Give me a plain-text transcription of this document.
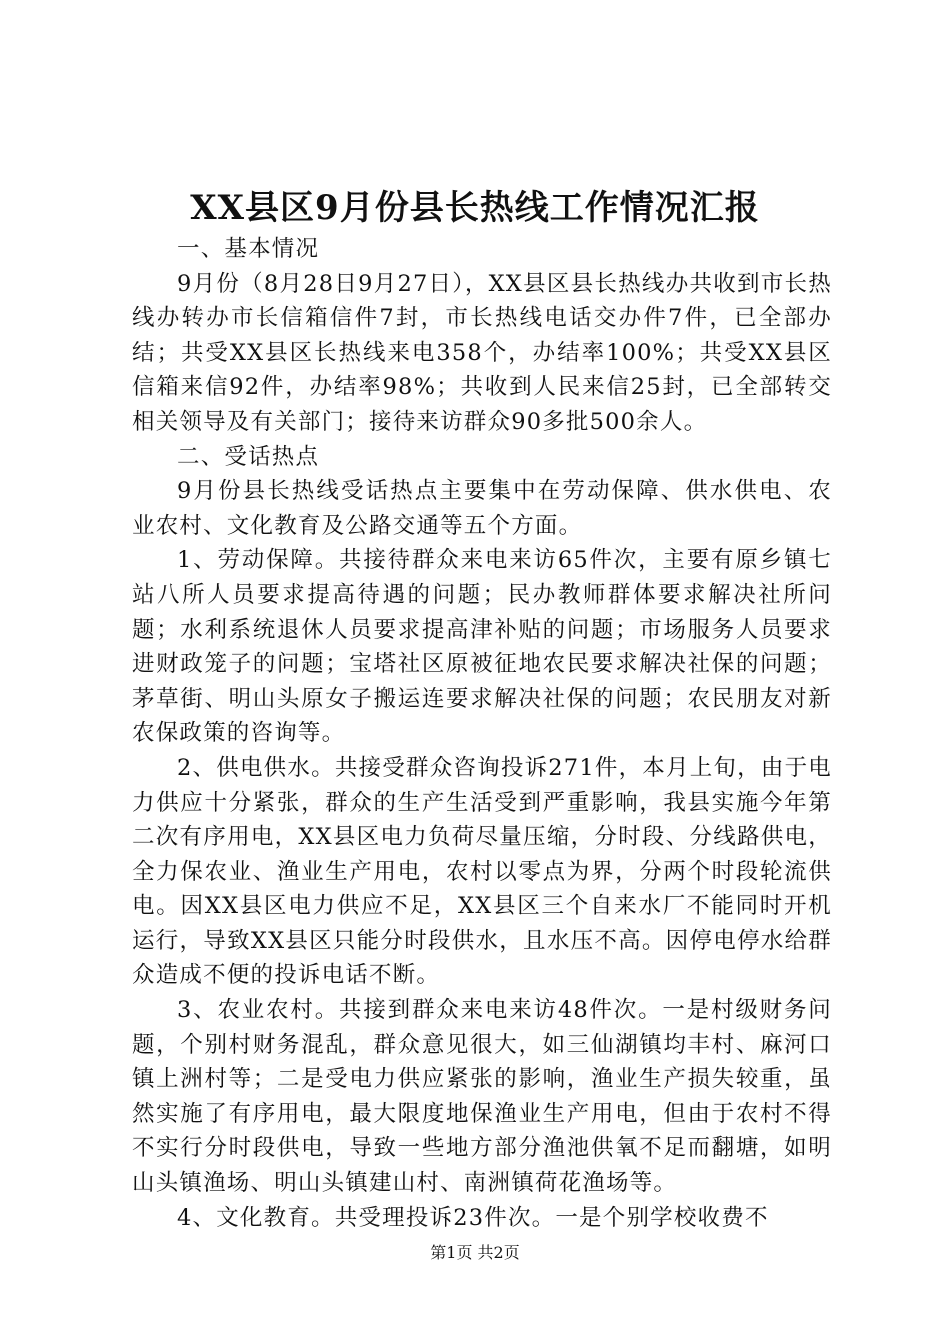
XX县区9月份县长热线工作情况汇报

一、基本情况

9月份（8月28日9月27日），XX县区县长热线办共收到市长热线办转办市长信箱信件7封，市长热线电话交办件7件，已全部办结；共受XX县区长热线来电358个，办结率100%；共受XX县区信箱来信92件，办结率98%；共收到人民来信25封，已全部转交相关领导及有关部门；接待来访群众90多批500余人。

二、受话热点

9月份县长热线受话热点主要集中在劳动保障、供水供电、农业农村、文化教育及公路交通等五个方面。

1、劳动保障。共接待群众来电来访65件次，主要有原乡镇七站八所人员要求提高待遇的问题；民办教师群体要求解决社所问题；水利系统退休人员要求提高津补贴的问题；市场服务人员要求进财政笼子的问题；宝塔社区原被征地农民要求解决社保的问题；茅草街、明山头原女子搬运连要求解决社保的问题；农民朋友对新农保政策的咨询等。

2、供电供水。共接受群众咨询投诉271件，本月上旬，由于电力供应十分紧张，群众的生产生活受到严重影响，我县实施今年第二次有序用电，XX县区电力负荷尽量压缩，分时段、分线路供电，全力保农业、渔业生产用电，农村以零点为界，分两个时段轮流供电。因XX县区电力供应不足，XX县区三个自来水厂不能同时开机运行，导致XX县区只能分时段供水，且水压不高。因停电停水给群众造成不便的投诉电话不断。

3、农业农村。共接到群众来电来访48件次。一是村级财务问题，个别村财务混乱，群众意见很大，如三仙湖镇均丰村、麻河口镇上洲村等；二是受电力供应紧张的影响，渔业生产损失较重，虽然实施了有序用电，最大限度地保渔业生产用电，但由于农村不得不实行分时段供电，导致一些地方部分渔池供氧不足而翻塘，如明山头镇渔场、明山头镇建山村、南洲镇荷花渔场等。

4、文化教育。共受理投诉23件次。一是个别学校收费不

第1页 共2页
